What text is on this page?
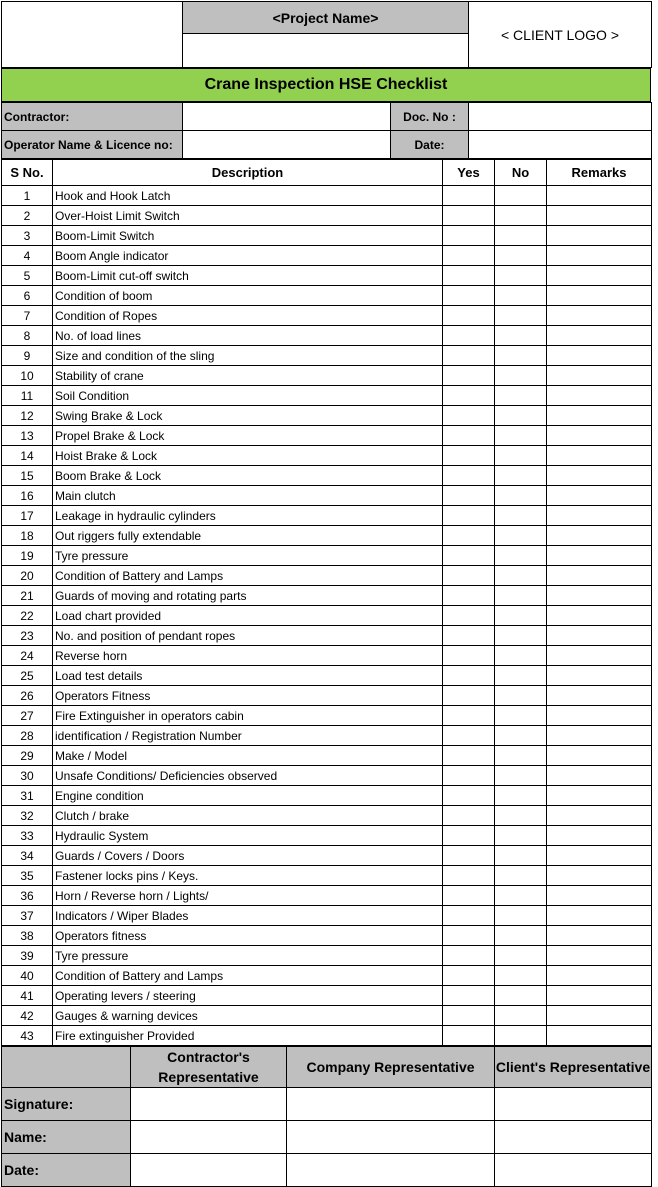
	<Project Name>	< CLIENT LOGO >

Crane Inspection HSE Checklist
Contractor:		Doc. No :	
Operator Name & Licence no:		Date:	
S No.	Description	Yes	No	Remarks
1	Hook and Hook Latch			
2	Over-Hoist Limit Switch			
3	Boom-Limit Switch			
4	Boom Angle indicator			
5	Boom-Limit cut-off switch			
6	Condition of boom			
7	Condition of Ropes			
8	No. of load lines			
9	Size and condition of the sling			
10	Stability of crane			
11	Soil Condition			
12	Swing Brake & Lock			
13	Propel Brake & Lock			
14	Hoist Brake & Lock			
15	Boom Brake & Lock			
16	Main clutch			
17	Leakage in hydraulic cylinders			
18	Out riggers fully extendable			
19	Tyre pressure			
20	Condition of Battery and Lamps			
21	Guards of moving and rotating parts			
22	Load chart provided			
23	No. and position of pendant ropes			
24	Reverse horn			
25	Load test details			
26	Operators Fitness			
27	Fire Extinguisher in operators cabin			
28	identification / Registration Number			
29	Make / Model			
30	Unsafe Conditions/ Deficiencies observed			
31	Engine condition			
32	Clutch / brake			
33	Hydraulic System			
34	Guards / Covers / Doors			
35	Fastener locks pins / Keys.			
36	Horn / Reverse horn / Lights/			
37	Indicators / Wiper Blades			
38	Operators fitness			
39	Tyre pressure			
40	Condition of Battery and Lamps			
41	Operating levers / steering			
42	Gauges & warning devices			
43	Fire extinguisher Provided			
	Contractor's Representative	Company Representative	Client's Representative
Signature:			
Name:			
Date:			
